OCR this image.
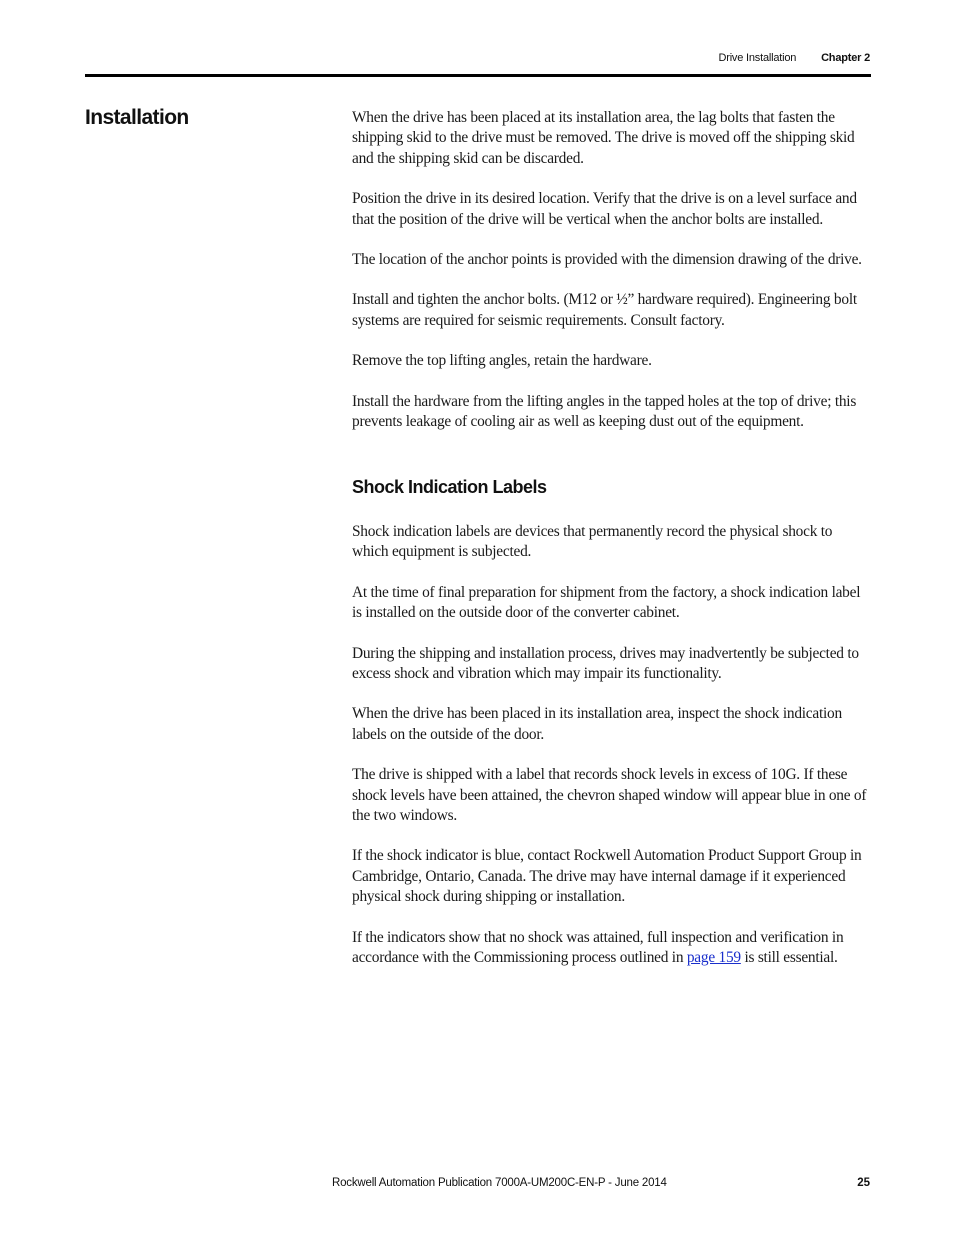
Drive Installation Chapter 2
Installation	When the drive has been placed at its installation area, the lag bolts that fasten the shipping skid to the drive must be removed. The drive is moved off the shipping skid and the shipping skid can be discarded.

Position the drive in its desired location. Verify that the drive is on a level surface and that the position of the drive will be vertical when the anchor bolts are installed.

The location of the anchor points is provided with the dimension drawing of the drive.

Install and tighten the anchor bolts. (M12 or ½” hardware required). Engineering bolt systems are required for seismic requirements. Consult factory.

Remove the top lifting angles, retain the hardware.

Install the hardware from the lifting angles in the tapped holes at the top of drive; this prevents leakage of cooling air as well as keeping dust out of the equipment.

Shock Indication Labels

Shock indication labels are devices that permanently record the physical shock to which equipment is subjected.

At the time of final preparation for shipment from the factory, a shock indication label is installed on the outside door of the converter cabinet.

During the shipping and installation process, drives may inadvertently be subjected to excess shock and vibration which may impair its functionality.

When the drive has been placed in its installation area, inspect the shock indication labels on the outside of the door.

The drive is shipped with a label that records shock levels in excess of 10G. If these shock levels have been attained, the chevron shaped window will appear blue in one of the two windows.

If the shock indicator is blue, contact Rockwell Automation Product Support Group in Cambridge, Ontario, Canada. The drive may have internal damage if it experienced physical shock during shipping or installation.

If the indicators show that no shock was attained, full inspection and verification in accordance with the Commissioning process outlined in page 159 is still essential.

Rockwell Automation Publication 7000A-UM200C-EN-P - June 2014	25
